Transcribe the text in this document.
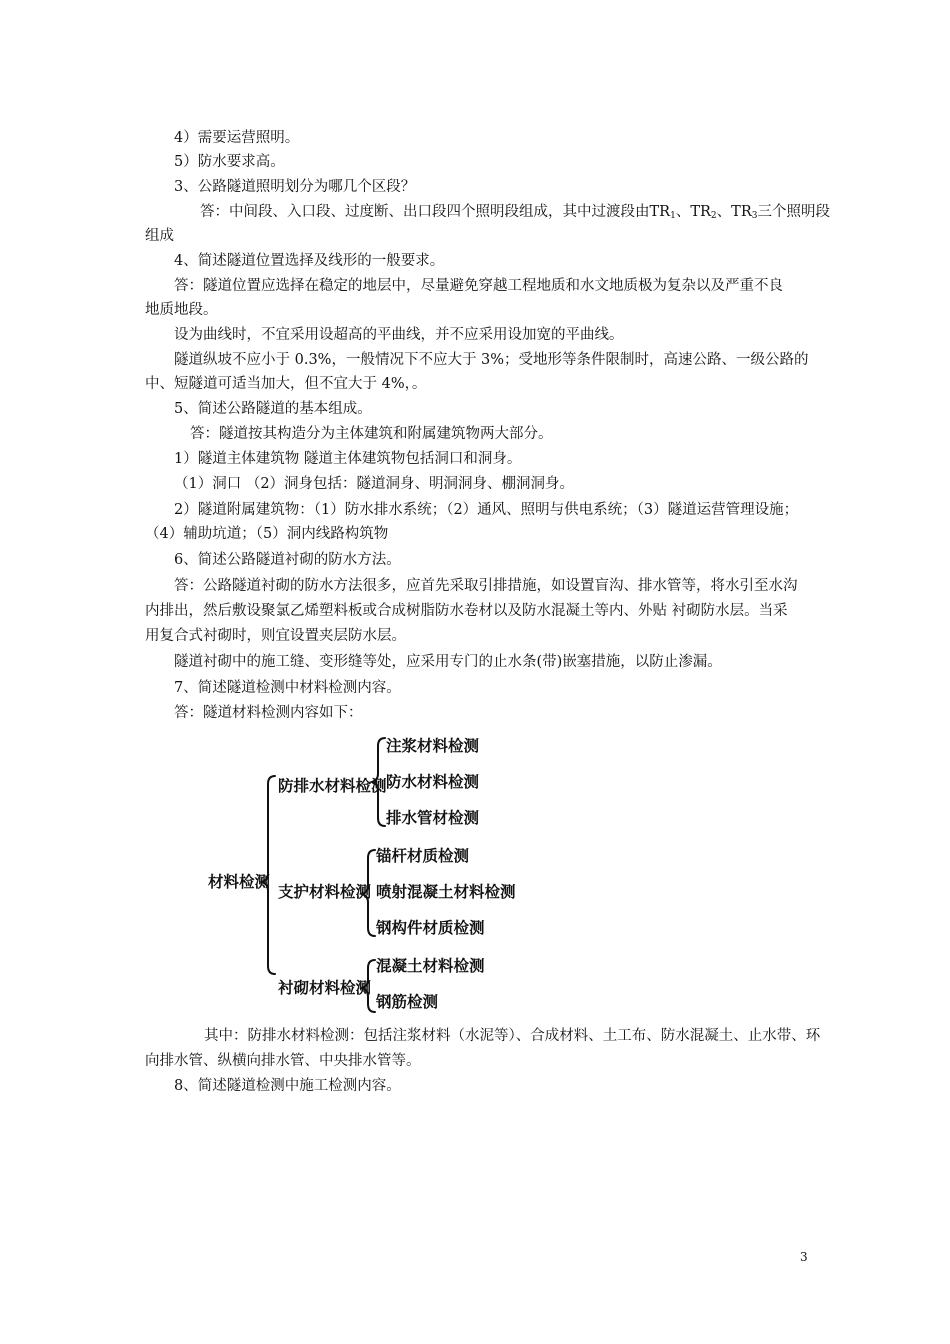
4）需要运营照明。
5）防水要求高。
3、公路隧道照明划分为哪几个区段？
答：中间段、入口段、过度断、出口段四个照明段组成，其中过渡段由$TR_1$、$TR_2$、$TR_3$三个照明段
组成
4、简述隧道位置选择及线形的一般要求。
答：隧道位置应选择在稳定的地层中，尽量避免穿越工程地质和水文地质极为复杂以及严重不良
地质地段。
设为曲线时，不宜采用设超高的平曲线，并不应采用设加宽的平曲线。
隧道纵坡不应小于 0.3%，一般情况下不应大于 3%；受地形等条件限制时，高速公路、一级公路的
中、短隧道可适当加大，但不宜大于 4%，。
5、简述公路隧道的基本组成。
答：隧道按其构造分为主体建筑和附属建筑物两大部分。
1）隧道主体建筑物 隧道主体建筑物包括洞口和洞身。
（1）洞口 （2）洞身包括：隧道洞身、明洞洞身、棚洞洞身。
2）隧道附属建筑物：（1）防水排水系统；（2）通风、照明与供电系统；（3）隧道运营管理设施；
（4）辅助坑道；（5）洞内线路构筑物
6、简述公路隧道衬砌的防水方法。
答：公路隧道衬砌的防水方法很多，应首先采取引排措施，如设置盲沟、排水管等，将水引至水沟
内排出，然后敷设聚氯乙烯塑料板或合成树脂防水卷材以及防水混凝土等内、外贴 衬砌防水层。当采
用复合式衬砌时，则宜设置夹层防水层。
隧道衬砌中的施工缝、变形缝等处，应采用专门的止水条(带)嵌塞措施，以防止渗漏。
7、简述隧道检测中材料检测内容。
答：隧道材料检测内容如下：
材料检测
防排水材料检测
注浆材料检测
防水材料检测
排水管材检测
支护材料检测
锚杆材质检测
喷射混凝土材料检测
钢构件材质检测
衬砌材料检测
混凝土材料检测
钢筋检测
其中：防排水材料检测：包括注浆材料（水泥等）、合成材料、土工布、防水混凝土、止水带、环
向排水管、纵横向排水管、中央排水管等。
8、简述隧道检测中施工检测内容。
3
